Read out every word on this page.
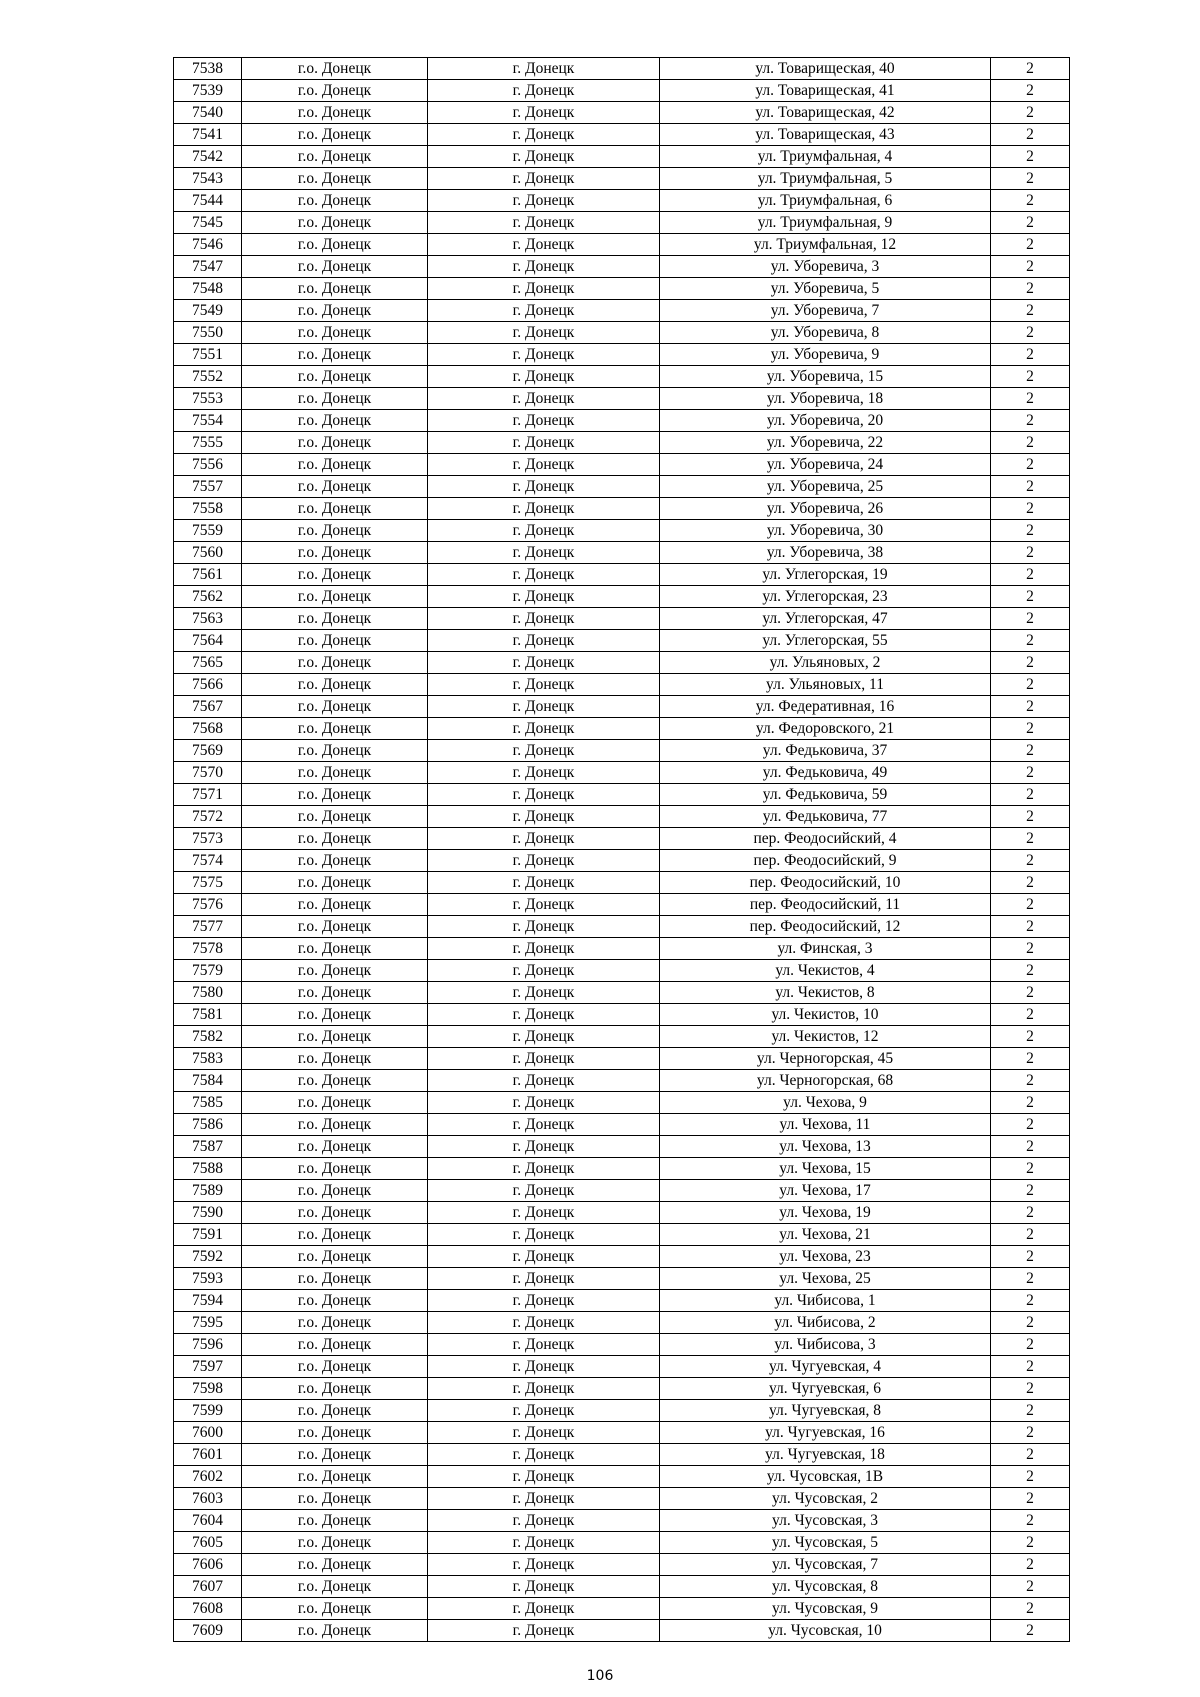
7538	г.о. Донецк	г. Донецк	ул. Товарищеская, 40	2
7539	г.о. Донецк	г. Донецк	ул. Товарищеская, 41	2
7540	г.о. Донецк	г. Донецк	ул. Товарищеская, 42	2
7541	г.о. Донецк	г. Донецк	ул. Товарищеская, 43	2
7542	г.о. Донецк	г. Донецк	ул. Триумфальная, 4	2
7543	г.о. Донецк	г. Донецк	ул. Триумфальная, 5	2
7544	г.о. Донецк	г. Донецк	ул. Триумфальная, 6	2
7545	г.о. Донецк	г. Донецк	ул. Триумфальная, 9	2
7546	г.о. Донецк	г. Донецк	ул. Триумфальная, 12	2
7547	г.о. Донецк	г. Донецк	ул. Уборевича, 3	2
7548	г.о. Донецк	г. Донецк	ул. Уборевича, 5	2
7549	г.о. Донецк	г. Донецк	ул. Уборевича, 7	2
7550	г.о. Донецк	г. Донецк	ул. Уборевича, 8	2
7551	г.о. Донецк	г. Донецк	ул. Уборевича, 9	2
7552	г.о. Донецк	г. Донецк	ул. Уборевича, 15	2
7553	г.о. Донецк	г. Донецк	ул. Уборевича, 18	2
7554	г.о. Донецк	г. Донецк	ул. Уборевича, 20	2
7555	г.о. Донецк	г. Донецк	ул. Уборевича, 22	2
7556	г.о. Донецк	г. Донецк	ул. Уборевича, 24	2
7557	г.о. Донецк	г. Донецк	ул. Уборевича, 25	2
7558	г.о. Донецк	г. Донецк	ул. Уборевича, 26	2
7559	г.о. Донецк	г. Донецк	ул. Уборевича, 30	2
7560	г.о. Донецк	г. Донецк	ул. Уборевича, 38	2
7561	г.о. Донецк	г. Донецк	ул. Углегорская, 19	2
7562	г.о. Донецк	г. Донецк	ул. Углегорская, 23	2
7563	г.о. Донецк	г. Донецк	ул. Углегорская, 47	2
7564	г.о. Донецк	г. Донецк	ул. Углегорская, 55	2
7565	г.о. Донецк	г. Донецк	ул. Ульяновых, 2	2
7566	г.о. Донецк	г. Донецк	ул. Ульяновых, 11	2
7567	г.о. Донецк	г. Донецк	ул. Федеративная, 16	2
7568	г.о. Донецк	г. Донецк	ул. Федоровского, 21	2
7569	г.о. Донецк	г. Донецк	ул. Федьковича, 37	2
7570	г.о. Донецк	г. Донецк	ул. Федьковича, 49	2
7571	г.о. Донецк	г. Донецк	ул. Федьковича, 59	2
7572	г.о. Донецк	г. Донецк	ул. Федьковича, 77	2
7573	г.о. Донецк	г. Донецк	пер. Феодосийский, 4	2
7574	г.о. Донецк	г. Донецк	пер. Феодосийский, 9	2
7575	г.о. Донецк	г. Донецк	пер. Феодосийский, 10	2
7576	г.о. Донецк	г. Донецк	пер. Феодосийский, 11	2
7577	г.о. Донецк	г. Донецк	пер. Феодосийский, 12	2
7578	г.о. Донецк	г. Донецк	ул. Финская, 3	2
7579	г.о. Донецк	г. Донецк	ул. Чекистов, 4	2
7580	г.о. Донецк	г. Донецк	ул. Чекистов, 8	2
7581	г.о. Донецк	г. Донецк	ул. Чекистов, 10	2
7582	г.о. Донецк	г. Донецк	ул. Чекистов, 12	2
7583	г.о. Донецк	г. Донецк	ул. Черногорская, 45	2
7584	г.о. Донецк	г. Донецк	ул. Черногорская, 68	2
7585	г.о. Донецк	г. Донецк	ул. Чехова, 9	2
7586	г.о. Донецк	г. Донецк	ул. Чехова, 11	2
7587	г.о. Донецк	г. Донецк	ул. Чехова, 13	2
7588	г.о. Донецк	г. Донецк	ул. Чехова, 15	2
7589	г.о. Донецк	г. Донецк	ул. Чехова, 17	2
7590	г.о. Донецк	г. Донецк	ул. Чехова, 19	2
7591	г.о. Донецк	г. Донецк	ул. Чехова, 21	2
7592	г.о. Донецк	г. Донецк	ул. Чехова, 23	2
7593	г.о. Донецк	г. Донецк	ул. Чехова, 25	2
7594	г.о. Донецк	г. Донецк	ул. Чибисова, 1	2
7595	г.о. Донецк	г. Донецк	ул. Чибисова, 2	2
7596	г.о. Донецк	г. Донецк	ул. Чибисова, 3	2
7597	г.о. Донецк	г. Донецк	ул. Чугуевская, 4	2
7598	г.о. Донецк	г. Донецк	ул. Чугуевская, 6	2
7599	г.о. Донецк	г. Донецк	ул. Чугуевская, 8	2
7600	г.о. Донецк	г. Донецк	ул. Чугуевская, 16	2
7601	г.о. Донецк	г. Донецк	ул. Чугуевская, 18	2
7602	г.о. Донецк	г. Донецк	ул. Чусовская, 1В	2
7603	г.о. Донецк	г. Донецк	ул. Чусовская, 2	2
7604	г.о. Донецк	г. Донецк	ул. Чусовская, 3	2
7605	г.о. Донецк	г. Донецк	ул. Чусовская, 5	2
7606	г.о. Донецк	г. Донецк	ул. Чусовская, 7	2
7607	г.о. Донецк	г. Донецк	ул. Чусовская, 8	2
7608	г.о. Донецк	г. Донецк	ул. Чусовская, 9	2
7609	г.о. Донецк	г. Донецк	ул. Чусовская, 10	2
106
